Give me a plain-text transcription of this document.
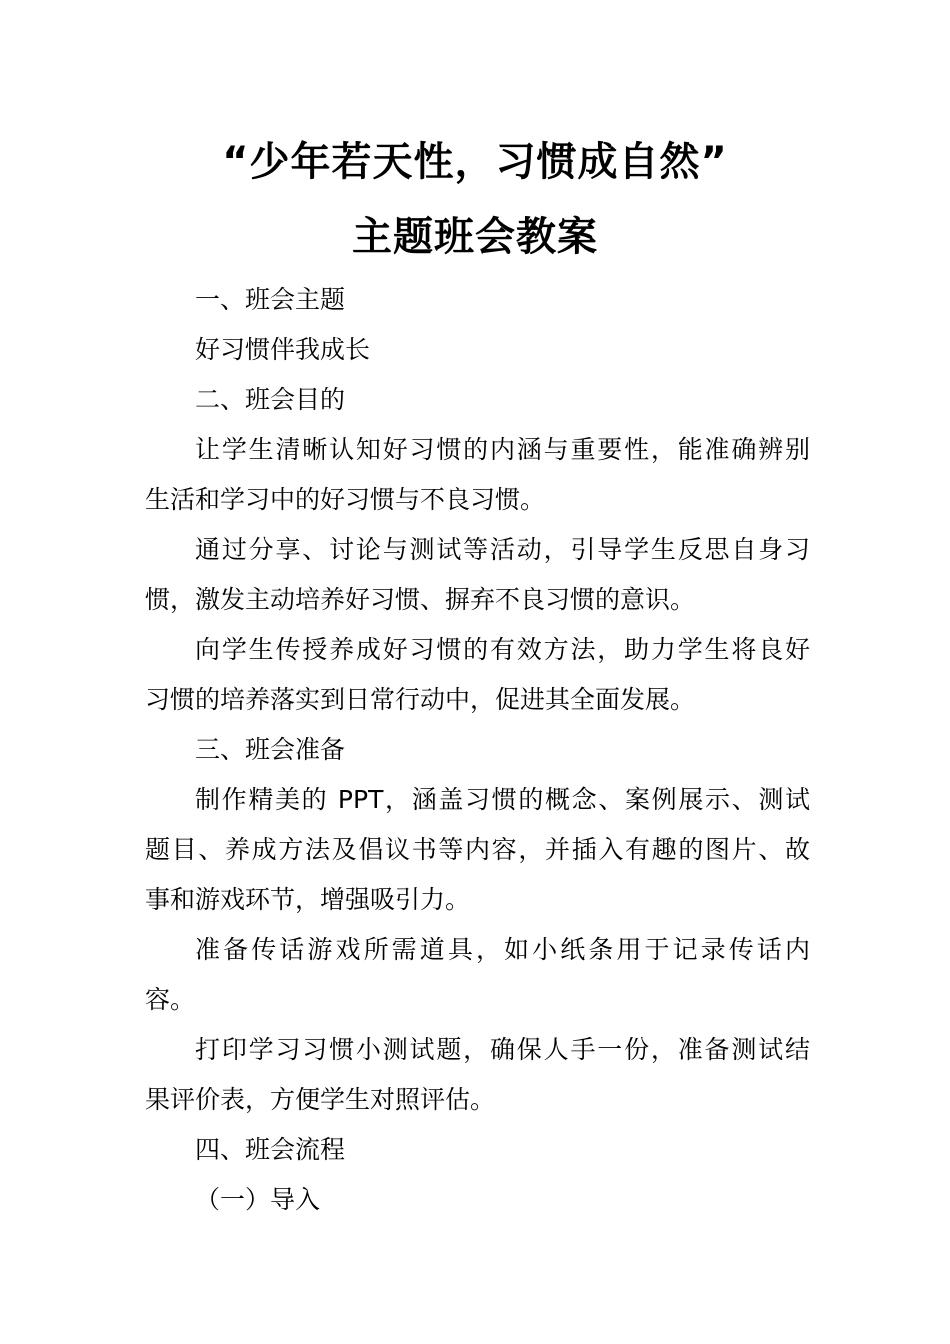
“少年若天性，习惯成自然”
主题班会教案
一、班会主题
好习惯伴我成长
二、班会目的
让学生清晰认知好习惯的内涵与重要性，能准确辨别
生活和学习中的好习惯与不良习惯。
通过分享、讨论与测试等活动，引导学生反思自身习
惯，激发主动培养好习惯、摒弃不良习惯的意识。
向学生传授养成好习惯的有效方法，助力学生将良好
习惯的培养落实到日常行动中，促进其全面发展。
三、班会准备
制作精美的 PPT，涵盖习惯的概念、案例展示、测试
题目、养成方法及倡议书等内容，并插入有趣的图片、故
事和游戏环节，增强吸引力。
准备传话游戏所需道具，如小纸条用于记录传话内
容。
打印学习习惯小测试题，确保人手一份，准备测试结
果评价表，方便学生对照评估。
四、班会流程
（一）导入
